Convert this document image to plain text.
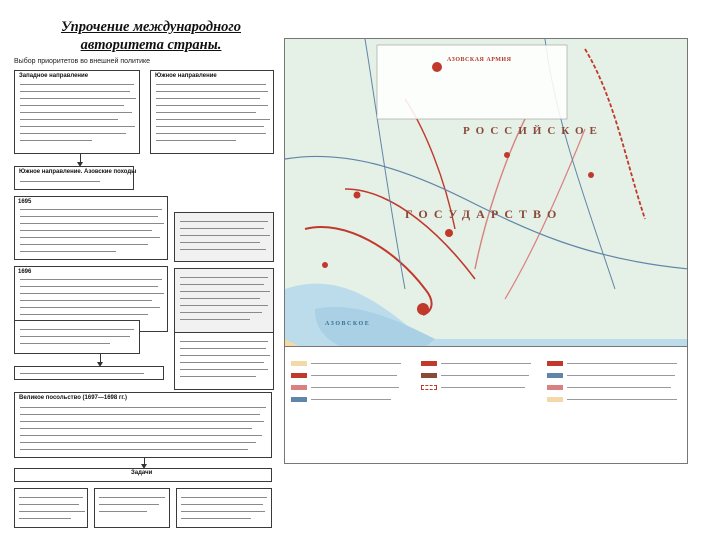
Упрочение международного
авторитета страны.
Выбор приоритетов во внешней политике
Западное направление	Южное направление
Южное направление. Азовские походы
1695
1696
Великое посольство (1697—1698 гг.)
Задачи
РОССИЙСКОЕ
ГОСУДАРСТВО
АЗОВСКАЯ АРМИЯ
АЗОВСКОЕ
